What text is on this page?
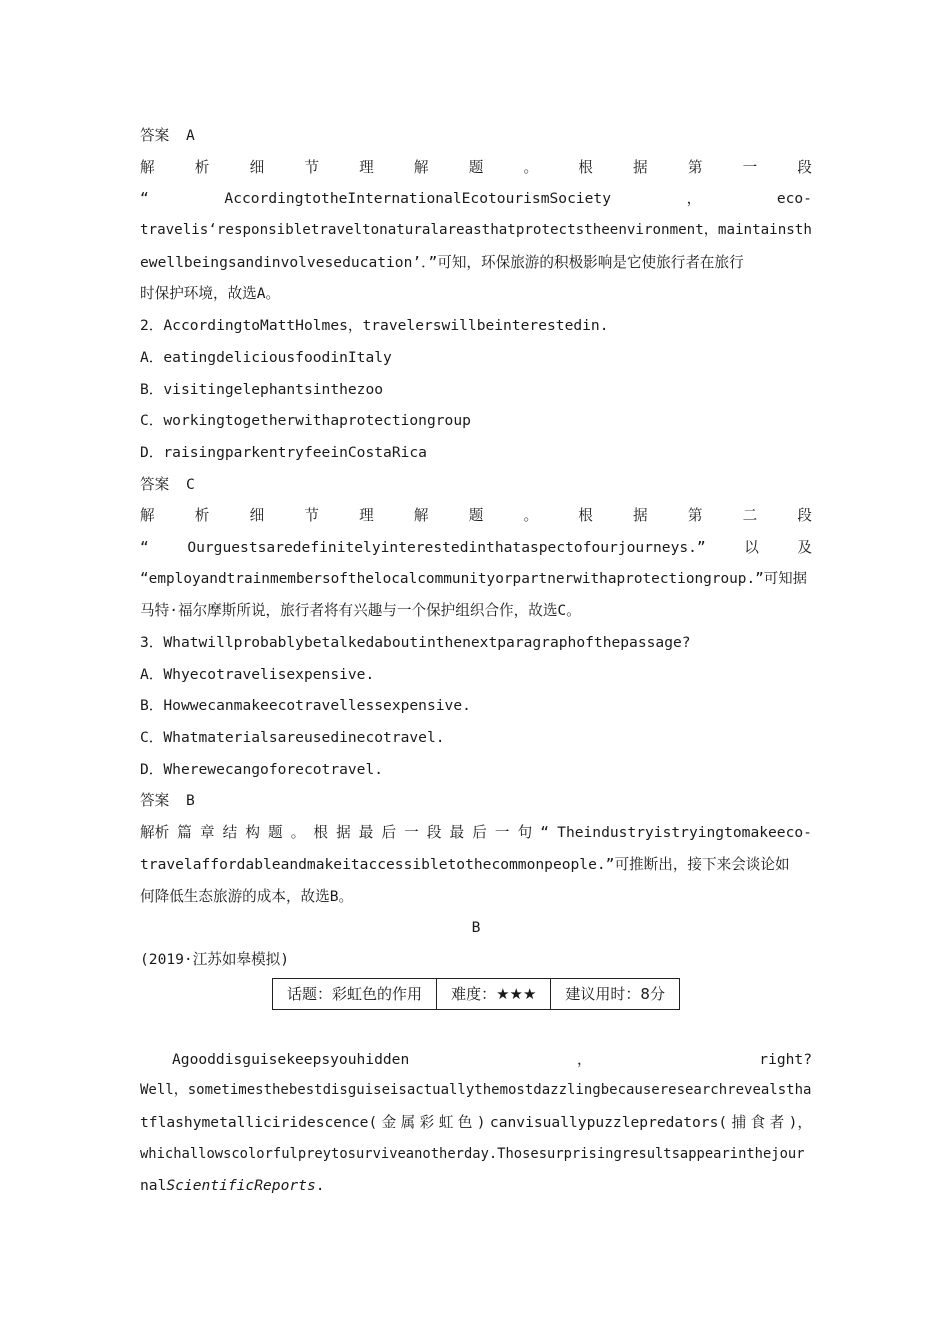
答案 A
解	析	细	节	理	解	题	。	根	据	第	一	段
“	AccordingtotheInternationalEcotourismSociety	，	eco-
travelis‘responsibletraveltonaturalareasthatprotectstheenvironment，maintainsth
ewellbeingsandinvolveseducation’．”可知，环保旅游的积极影响是它使旅行者在旅行
时保护环境，故选A。
2．AccordingtoMattHolmes，travelerswillbeinterestedin.
A．eatingdeliciousfoodinItaly
B．visitingelephantsinthezoo
C．workingtogetherwithaprotectiongroup
D．raisingparkentryfeeinCostaRica
答案 C
解	析	细	节	理	解	题	。	根	据	第	二	段
“	Ourguestsaredefinitelyinterestedinthataspectofourjourneys.”	以	及
“employandtrainmembersofthelocalcommunityorpartnerwithaprotectiongroup.”可知据
马特·福尔摩斯所说，旅行者将有兴趣与一个保护组织合作，故选C。
3．Whatwillprobablybetalkedaboutinthenextparagraphofthepassage?
A．Whyecotravelisexpensive.
B．Howwecanmakeecotravellessexpensive.
C．Whatmaterialsareusedinecotravel.
D．Wherewecangoforecotravel.
答案 B
解析 篇 章 结 构 题 。 根 据 最 后 一 段 最 后 一 句 “ Theindustryistryingtomakeeco-
travelaffordableandmakeitaccessibletothecommonpeople.”可推断出，接下来会谈论如
何降低生态旅游的成本，故选B。
B
(2019·江苏如皋模拟)
话题：彩虹色的作用	难度：★★★	建议用时：8分
Agooddisguisekeepsyouhidden	，	right?
Well，sometimesthebestdisguiseisactuallythemostdazzlingbecauseresearchrevealstha
tflashymetalliciridescence( 金 属 彩 虹 色 ) canvisuallypuzzlepredators( 捕 食 者 )，
whichallowscolorfulpreytosurviveanotherday.Thosesurprisingresultsappearinthejour
nalScientificReports.
